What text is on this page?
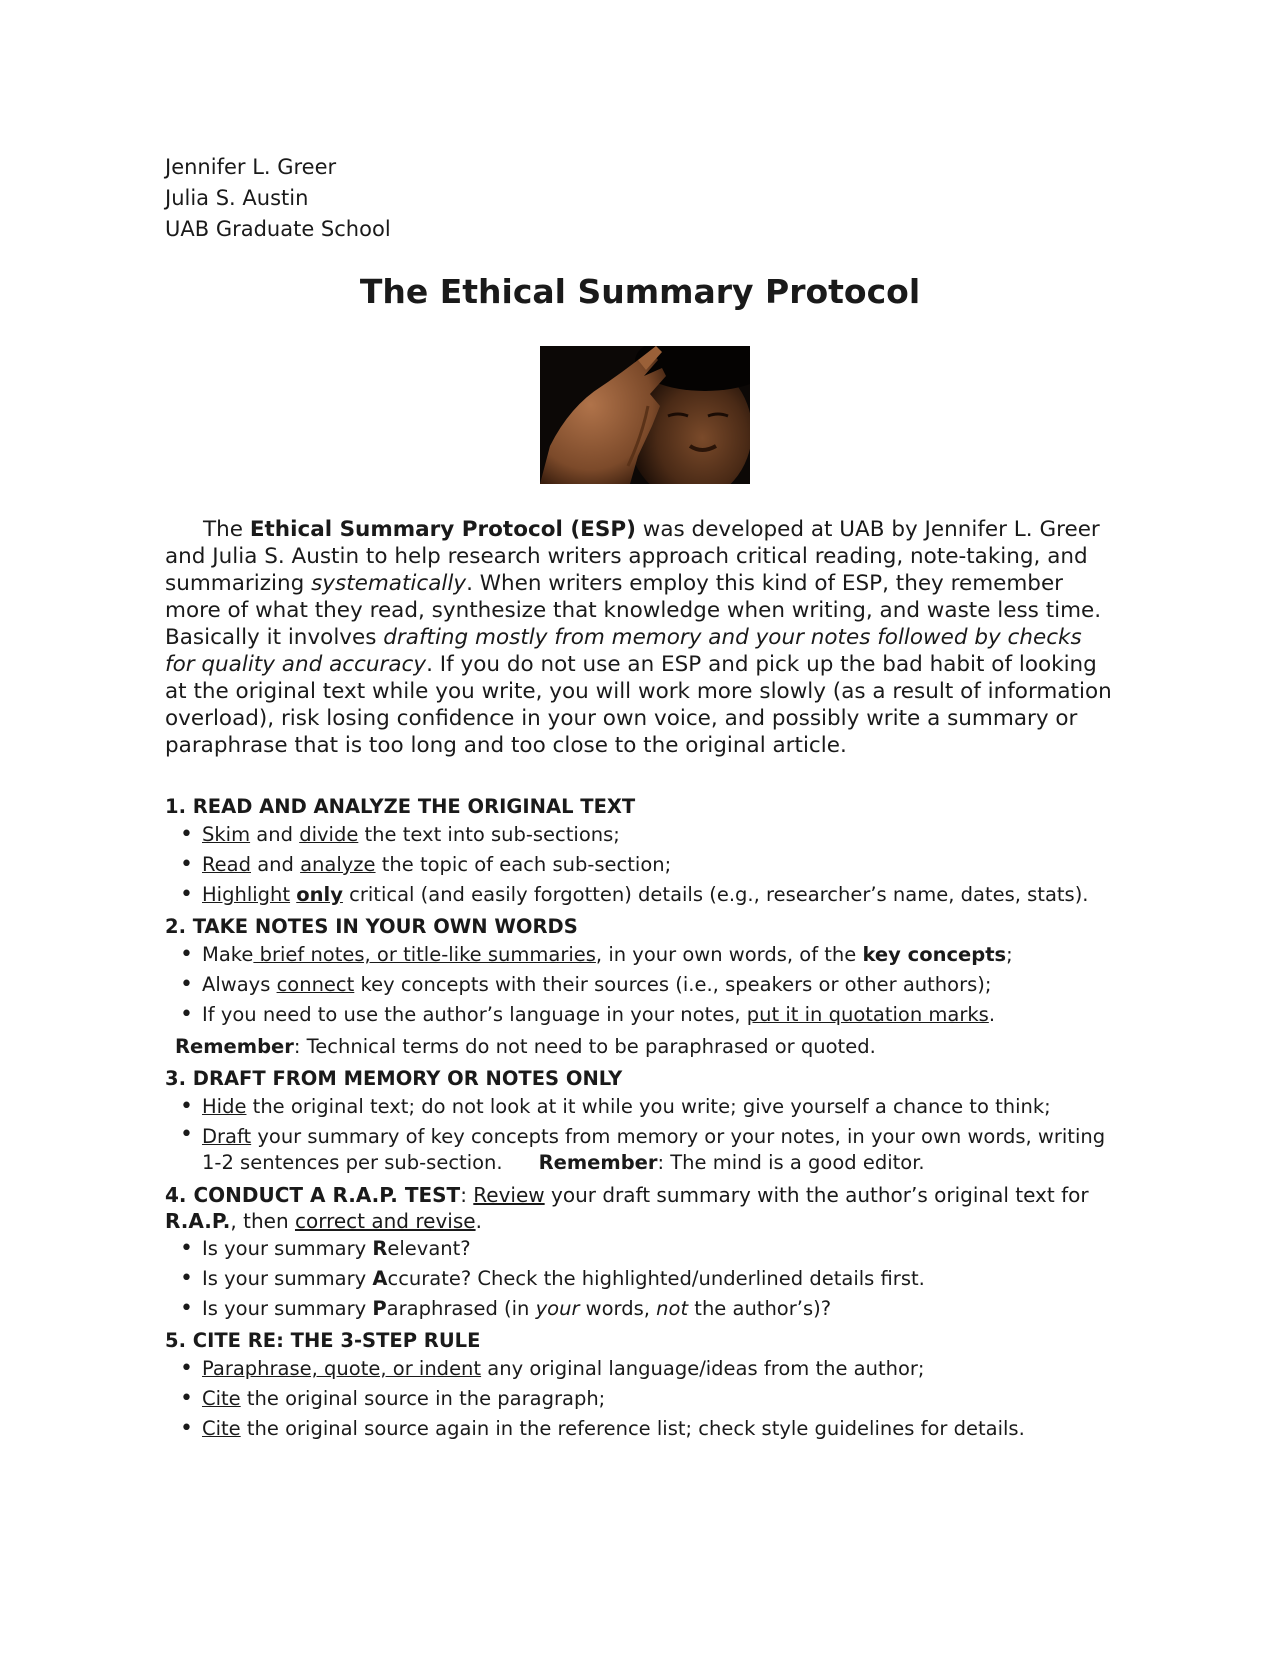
Jennifer L. Greer
Julia S. Austin
UAB Graduate School
The Ethical Summary Protocol

The Ethical Summary Protocol (ESP) was developed at UAB by Jennifer L. Greer and Julia S. Austin to help research writers approach critical reading, note-taking, and summarizing systematically. When writers employ this kind of ESP, they remember more of what they read, synthesize that knowledge when writing, and waste less time. Basically it involves drafting mostly from memory and your notes followed by checks for quality and accuracy. If you do not use an ESP and pick up the bad habit of looking at the original text while you write, you will work more slowly (as a result of information overload), risk losing confidence in your own voice, and possibly write a summary or paraphrase that is too long and too close to the original article.

1. READ AND ANALYZE THE ORIGINAL TEXT
• Skim and divide the text into sub-sections;
• Read and analyze the topic of each sub-section;
• Highlight only critical (and easily forgotten) details (e.g., researcher’s name, dates, stats).
2. TAKE NOTES IN YOUR OWN WORDS
• Make brief notes, or title-like summaries, in your own words, of the key concepts;
• Always connect key concepts with their sources (i.e., speakers or other authors);
• If you need to use the author’s language in your notes, put it in quotation marks.
Remember: Technical terms do not need to be paraphrased or quoted.
3. DRAFT FROM MEMORY OR NOTES ONLY
• Hide the original text; do not look at it while you write; give yourself a chance to think;
• Draft your summary of key concepts from memory or your notes, in your own words, writing 1-2 sentences per sub-section. Remember: The mind is a good editor.
4. CONDUCT A R.A.P. TEST: Review your draft summary with the author’s original text for R.A.P., then correct and revise.
• Is your summary Relevant?
• Is your summary Accurate? Check the highlighted/underlined details first.
• Is your summary Paraphrased (in your words, not the author’s)?
5. CITE RE: THE 3-STEP RULE
• Paraphrase, quote, or indent any original language/ideas from the author;
• Cite the original source in the paragraph;
• Cite the original source again in the reference list; check style guidelines for details.
